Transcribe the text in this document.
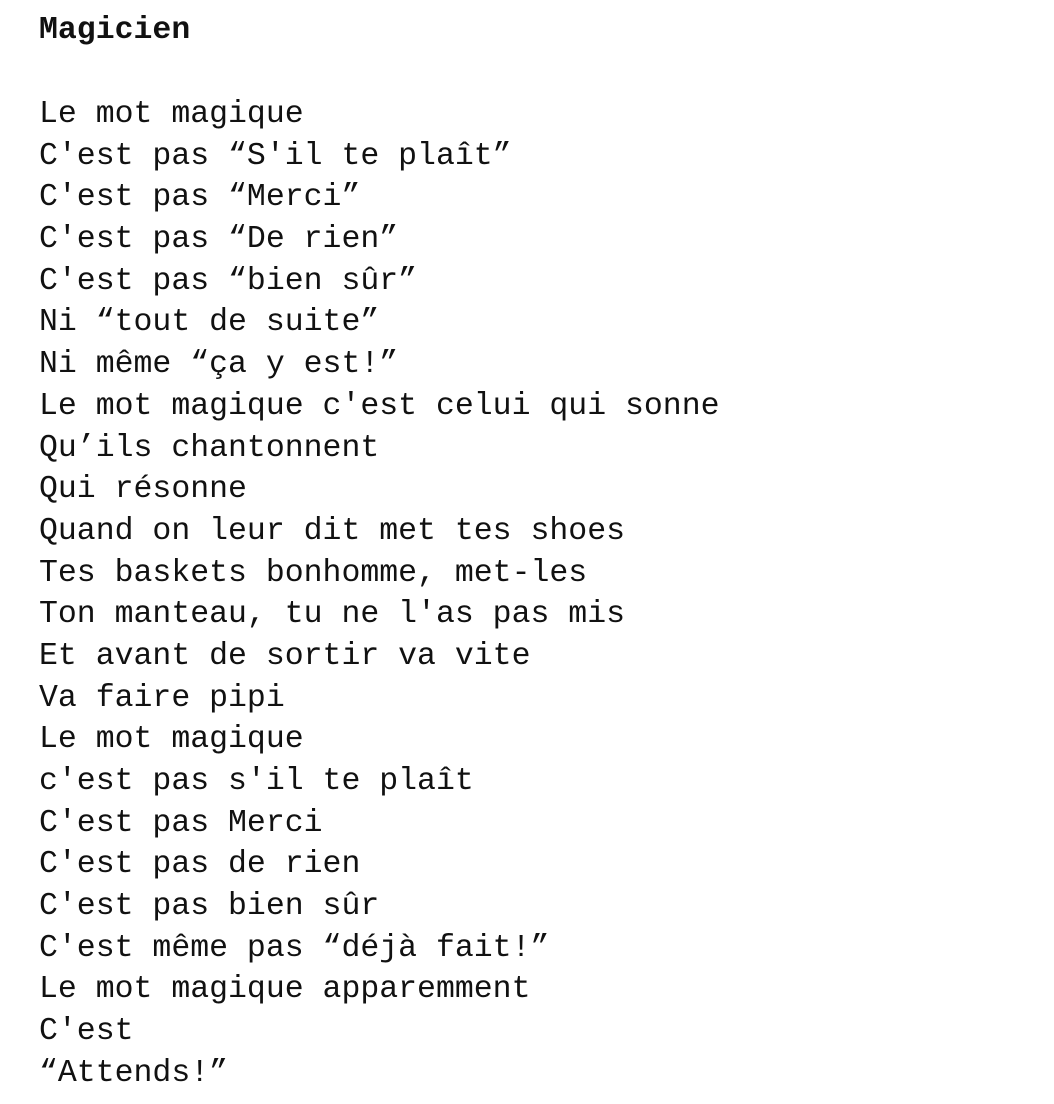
Magicien
Le mot magique
C'est pas “S'il te plaît”
C'est pas “Merci”
C'est pas “De rien”
C'est pas “bien sûr”
Ni “tout de suite”
Ni même “ça y est!”
Le mot magique c'est celui qui sonne
Qu’ils chantonnent
Qui résonne
Quand on leur dit met tes shoes
Tes baskets bonhomme, met-les
Ton manteau, tu ne l'as pas mis
Et avant de sortir va vite
Va faire pipi
Le mot magique
c'est pas s'il te plaît
C'est pas Merci
C'est pas de rien
C'est pas bien sûr
C'est même pas “déjà fait!”
Le mot magique apparemment
C'est
“Attends!”
